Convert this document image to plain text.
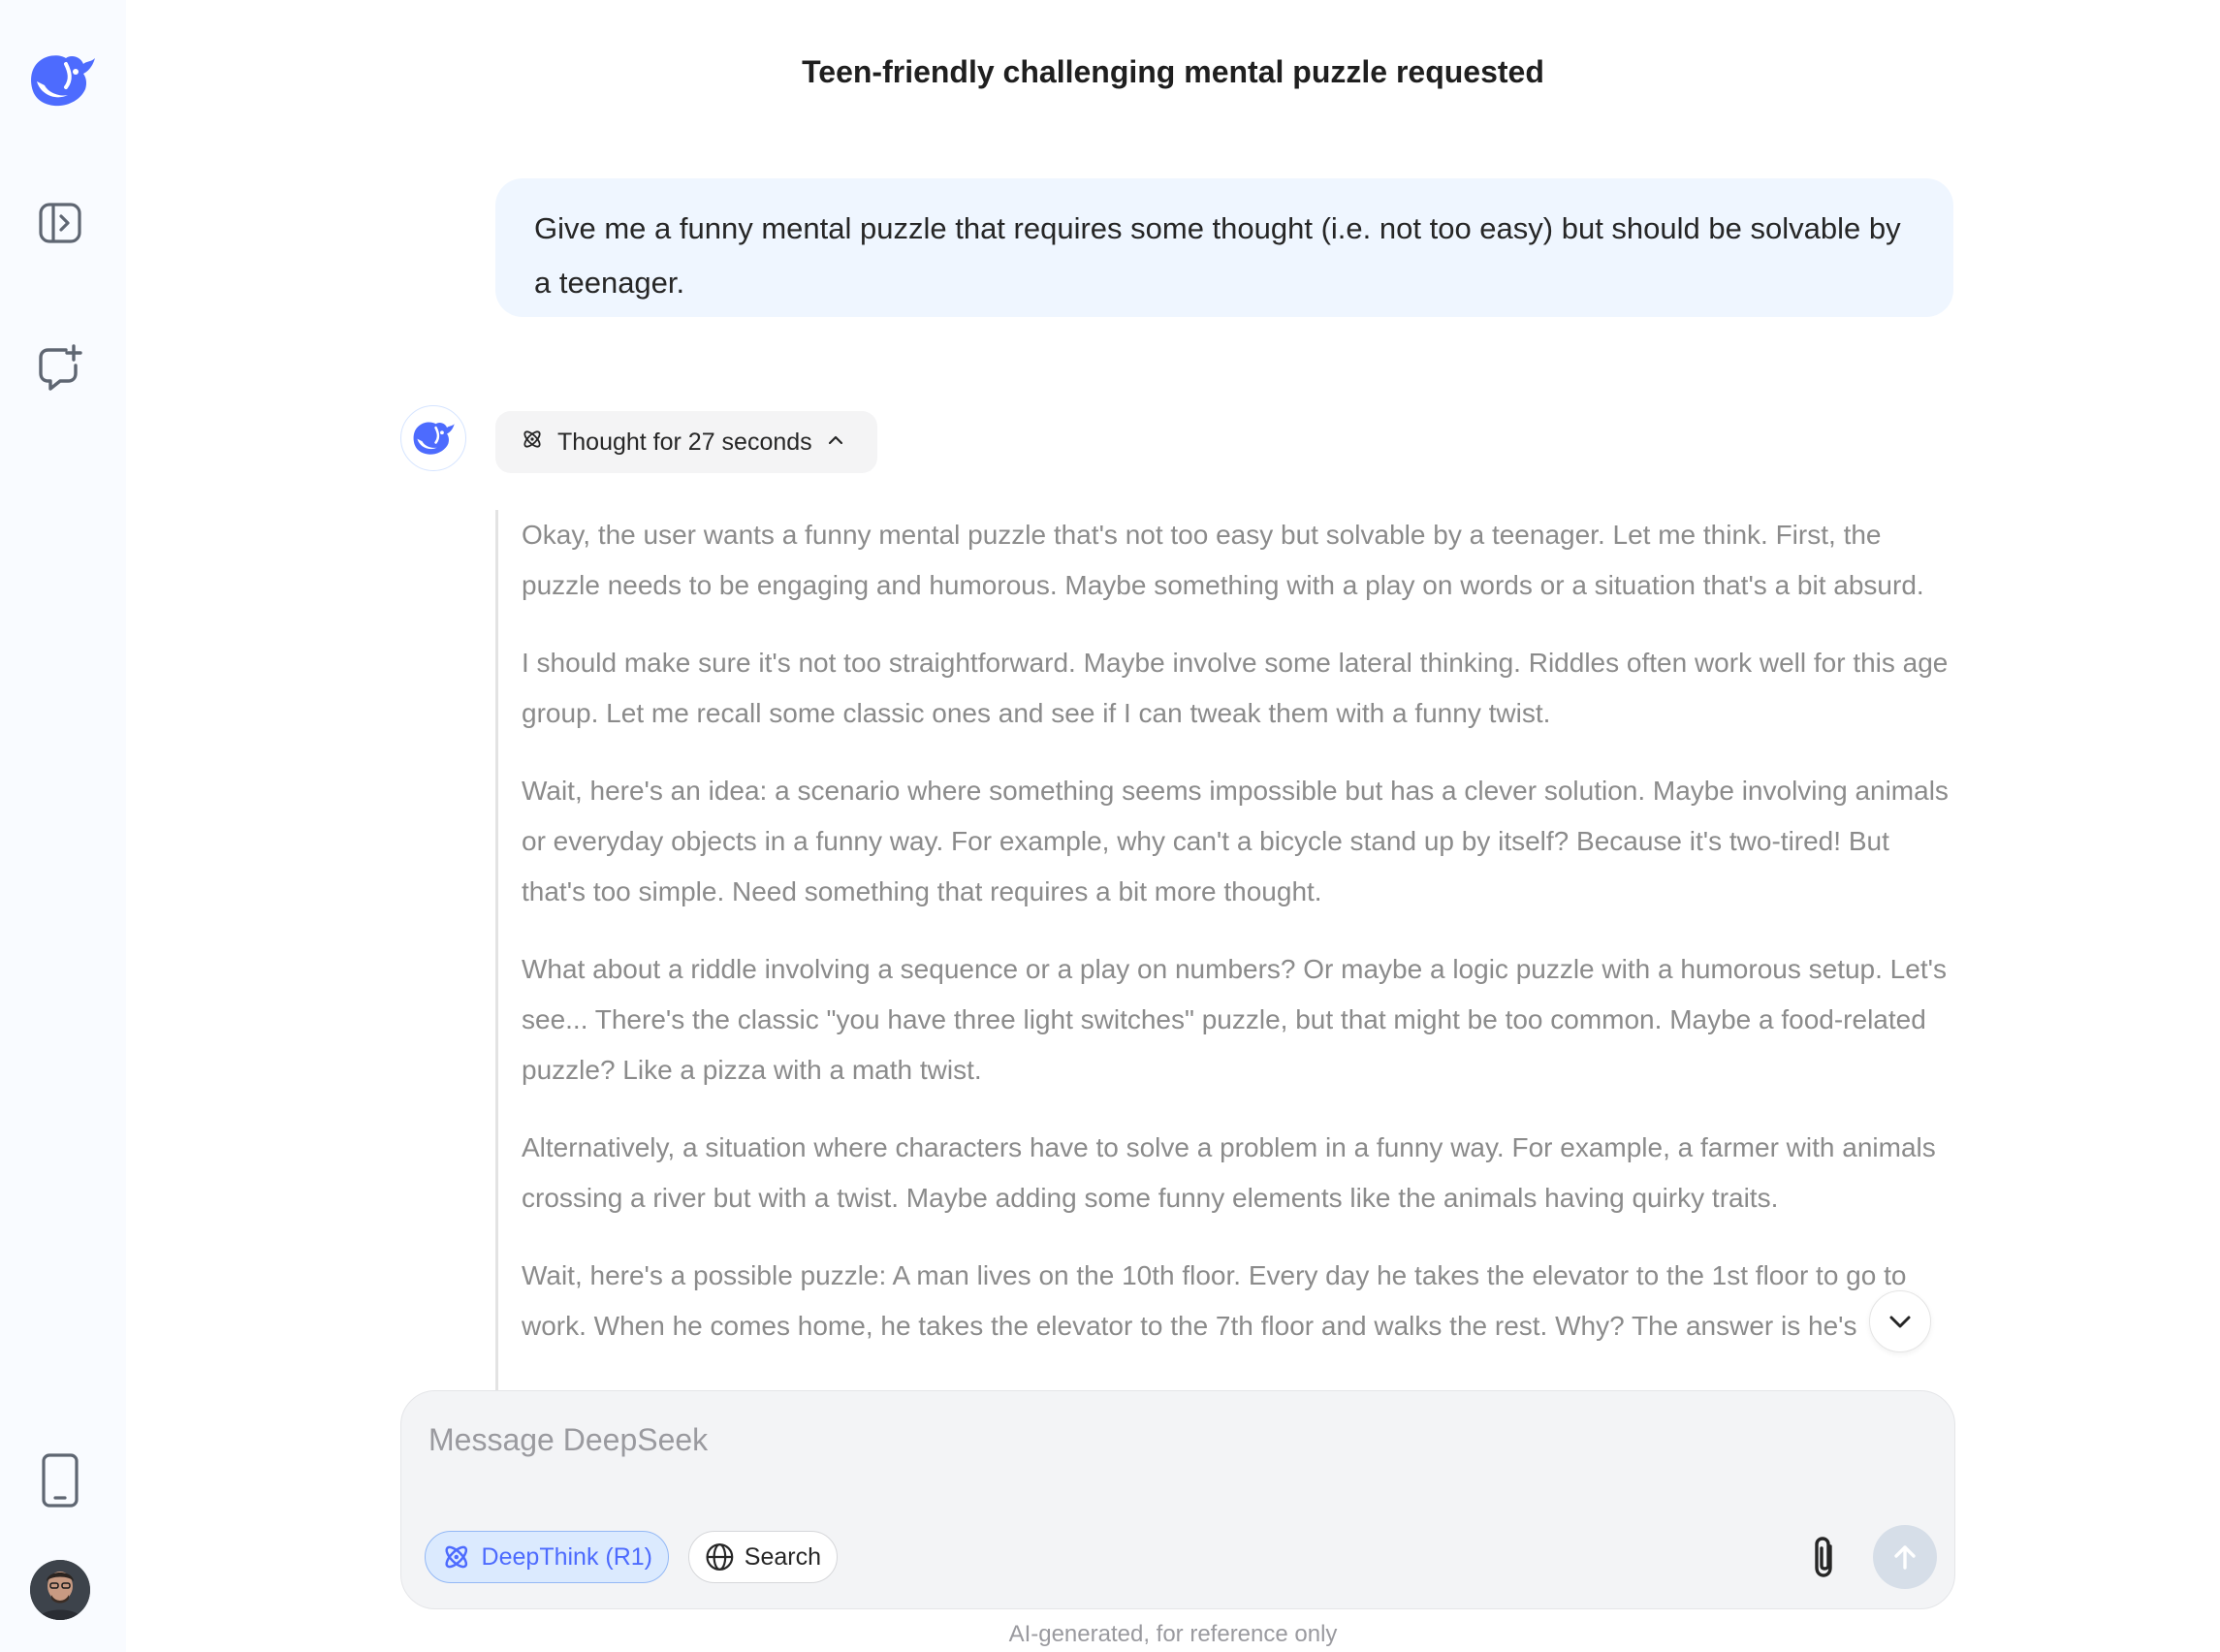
Teen-friendly challenging mental puzzle requested
Give me a funny mental puzzle that requires some thought (i.e. not too easy) but should be solvable by a teenager.
Thought for 27 seconds

Okay, the user wants a funny mental puzzle that's not too easy but solvable by a teenager. Let me think. First, the puzzle needs to be engaging and humorous. Maybe something with a play on words or a situation that's a bit absurd.

I should make sure it's not too straightforward. Maybe involve some lateral thinking. Riddles often work well for this age group. Let me recall some classic ones and see if I can tweak them with a funny twist.

Wait, here's an idea: a scenario where something seems impossible but has a clever solution. Maybe involving animals or everyday objects in a funny way. For example, why can't a bicycle stand up by itself? Because it's two-tired! But that's too simple. Need something that requires a bit more thought.

What about a riddle involving a sequence or a play on numbers? Or maybe a logic puzzle with a humorous setup. Let's see... There's the classic "you have three light switches" puzzle, but that might be too common. Maybe a food-related puzzle? Like a pizza with a math twist.

Alternatively, a situation where characters have to solve a problem in a funny way. For example, a farmer with animals crossing a river but with a twist. Maybe adding some funny elements like the animals having quirky traits.

Wait, here's a possible puzzle: A man lives on the 10th floor. Every day he takes the elevator to the 1st floor to go to work. When he comes home, he takes the elevator to the 7th floor and walks the rest. Why? The answer is he's

Message DeepSeek
DeepThink (R1)	Search
AI-generated, for reference only
